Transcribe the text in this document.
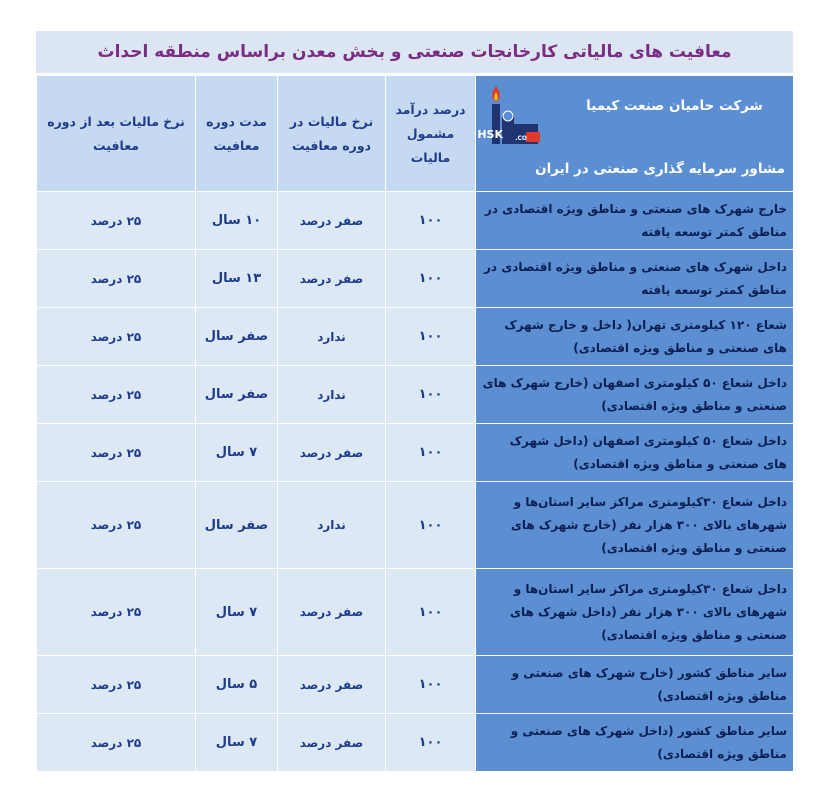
معافیت های مالیاتی کارخانجات صنعتی و بخش معدن براساس منطقه احداث
HSK CO.
شرکت حامیان صنعت کیمیا
مشاور سرمایه گذاری صنعتی در ایران	درصد درآمد مشمول مالیات	نرخ مالیات در دوره معافیت	مدت دوره معافیت	نرخ مالیات بعد از دوره معافیت
خارج شهرک های صنعتی و مناطق ویژه اقتصادی در مناطق کمتر توسعه یافته	۱۰۰	صفر درصد	۱۰ سال	۲۵ درصد
داخل شهرک های صنعتی و مناطق ویژه اقتصادی در مناطق کمتر توسعه یافته	۱۰۰	صفر درصد	۱۳ سال	۲۵ درصد
شعاع ۱۲۰ کیلومتری تهران( داخل و خارج شهرک های صنعتی و مناطق ویژه اقتصادی)	۱۰۰	ندارد	صفر سال	۲۵ درصد
داخل شعاع ۵۰ کیلومتری اصفهان (خارج شهرک های صنعتی و مناطق ویژه اقتصادی)	۱۰۰	ندارد	صفر سال	۲۵ درصد
داخل شعاع ۵۰ کیلومتری اصفهان (داخل شهرک های صنعتی و مناطق ویژه اقتصادی)	۱۰۰	صفر درصد	۷ سال	۲۵ درصد
داخل شعاع ۳۰کیلومتری مراکز سایر استان‌ها و شهرهای بالای ۳۰۰ هزار نفر (خارج شهرک های صنعتی و مناطق ویژه اقتصادی)	۱۰۰	ندارد	صفر سال	۲۵ درصد
داخل شعاع ۳۰کیلومتری مراکز سایر استان‌ها و شهرهای بالای ۳۰۰ هزار نفر (داخل شهرک های صنعتی و مناطق ویژه اقتصادی)	۱۰۰	صفر درصد	۷ سال	۲۵ درصد
سایر مناطق کشور (خارج شهرک های صنعتی و مناطق ویژه اقتصادی)	۱۰۰	صفر درصد	۵ سال	۲۵ درصد
سایر مناطق کشور (داخل شهرک های صنعتی و مناطق ویژه اقتصادی)	۱۰۰	صفر درصد	۷ سال	۲۵ درصد
